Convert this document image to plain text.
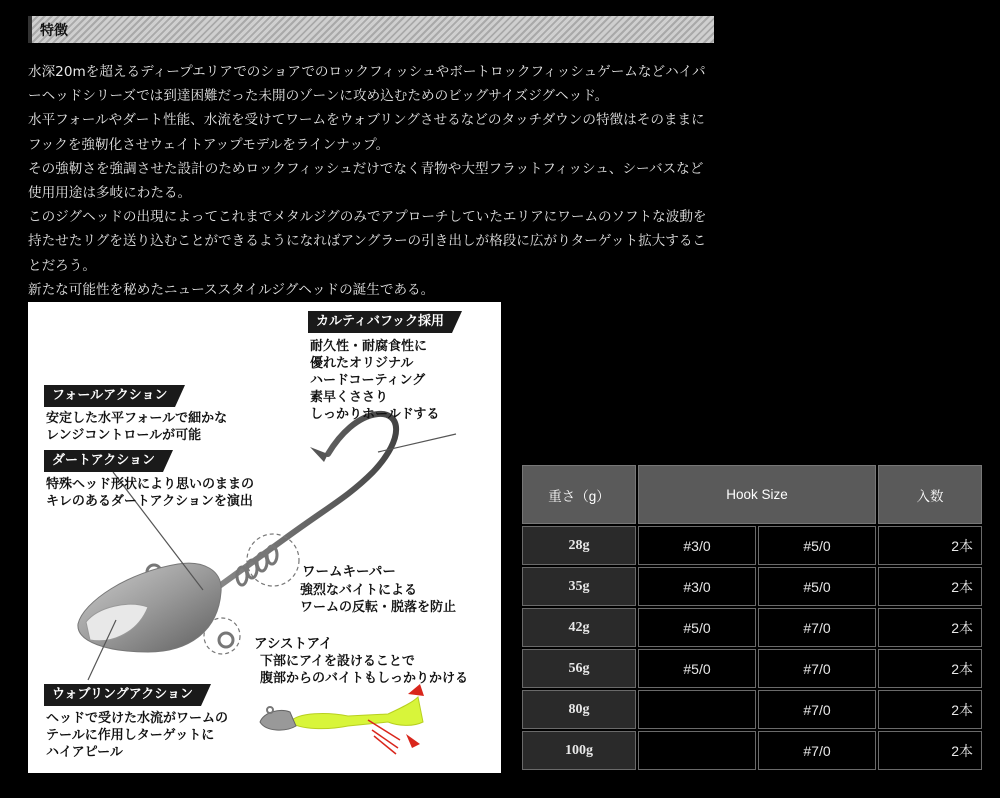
特徴

水深20mを超えるディープエリアでのショアでのロックフィッシュやボートロックフィッシュゲームなどハイパ

ーヘッドシリーズでは到達困難だった未開のゾーンに攻め込むためのビッグサイズジグヘッド。

水平フォールやダート性能、水流を受けてワームをウォブリングさせるなどのタッチダウンの特徴はそのままに

フックを強靭化させウェイトアップモデルをラインナップ。

その強靭さを強調させた設計のためロックフィッシュだけでなく青物や大型フラットフィッシュ、シーバスなど

使用用途は多岐にわたる。

このジグヘッドの出現によってこれまでメタルジグのみでアプローチしていたエリアにワームのソフトな波動を

持たせたリグを送り込むことができるようになればアングラーの引き出しが格段に広がりターゲット拡大するこ

とだろう。

新たな可能性を秘めたニューススタイルジグヘッドの誕生である。

カルティバフック採用
耐久性・耐腐食性に
優れたオリジナル
ハードコーティング
素早くささり
しっかりホールドする
フォールアクション
安定した水平フォールで細かな
レンジコントロールが可能
ダートアクション
特殊ヘッド形状により思いのままの
キレのあるダートアクションを演出
ワームキーパー
強烈なバイトによる
ワームの反転・脱落を防止
アシストアイ
下部にアイを設けることで
腹部からのバイトもしっかりかける
ウォブリングアクション
ヘッドで受けた水流がワームの
テールに作用しターゲットに
ハイアピール
重さ（g）	Hook Size		入数
28g	#3/0	#5/0	2本
35g	#3/0	#5/0	2本
42g	#5/0	#7/0	2本
56g	#5/0	#7/0	2本
80g		#7/0	2本
100g		#7/0	2本
